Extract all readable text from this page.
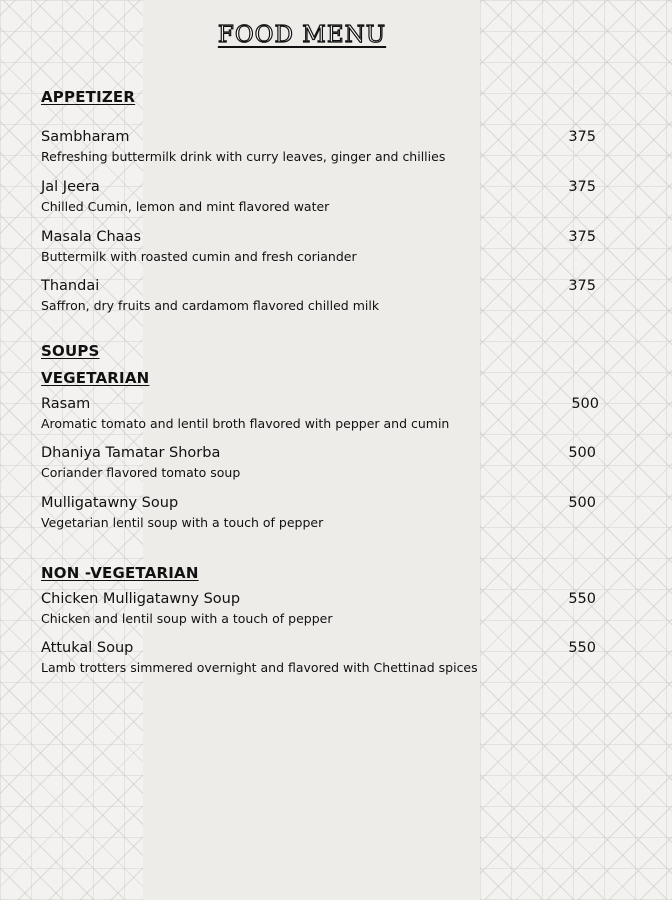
FOOD MENU
APPETIZER
Sambharam	375
Refreshing buttermilk drink with curry leaves, ginger and chillies
Jal Jeera	375
Chilled Cumin, lemon and mint flavored water
Masala Chaas	375
Buttermilk with roasted cumin and fresh coriander
Thandai	375
Saffron, dry fruits and cardamom flavored chilled milk
SOUPS
VEGETARIAN
Rasam	500
Aromatic tomato and lentil broth flavored with pepper and cumin
Dhaniya Tamatar Shorba	500
Coriander flavored tomato soup
Mulligatawny Soup	500
Vegetarian lentil soup with a touch of pepper
NON -VEGETARIAN
Chicken Mulligatawny Soup	550
Chicken and lentil soup with a touch of pepper
Attukal Soup	550
Lamb trotters simmered overnight and flavored with Chettinad spices
